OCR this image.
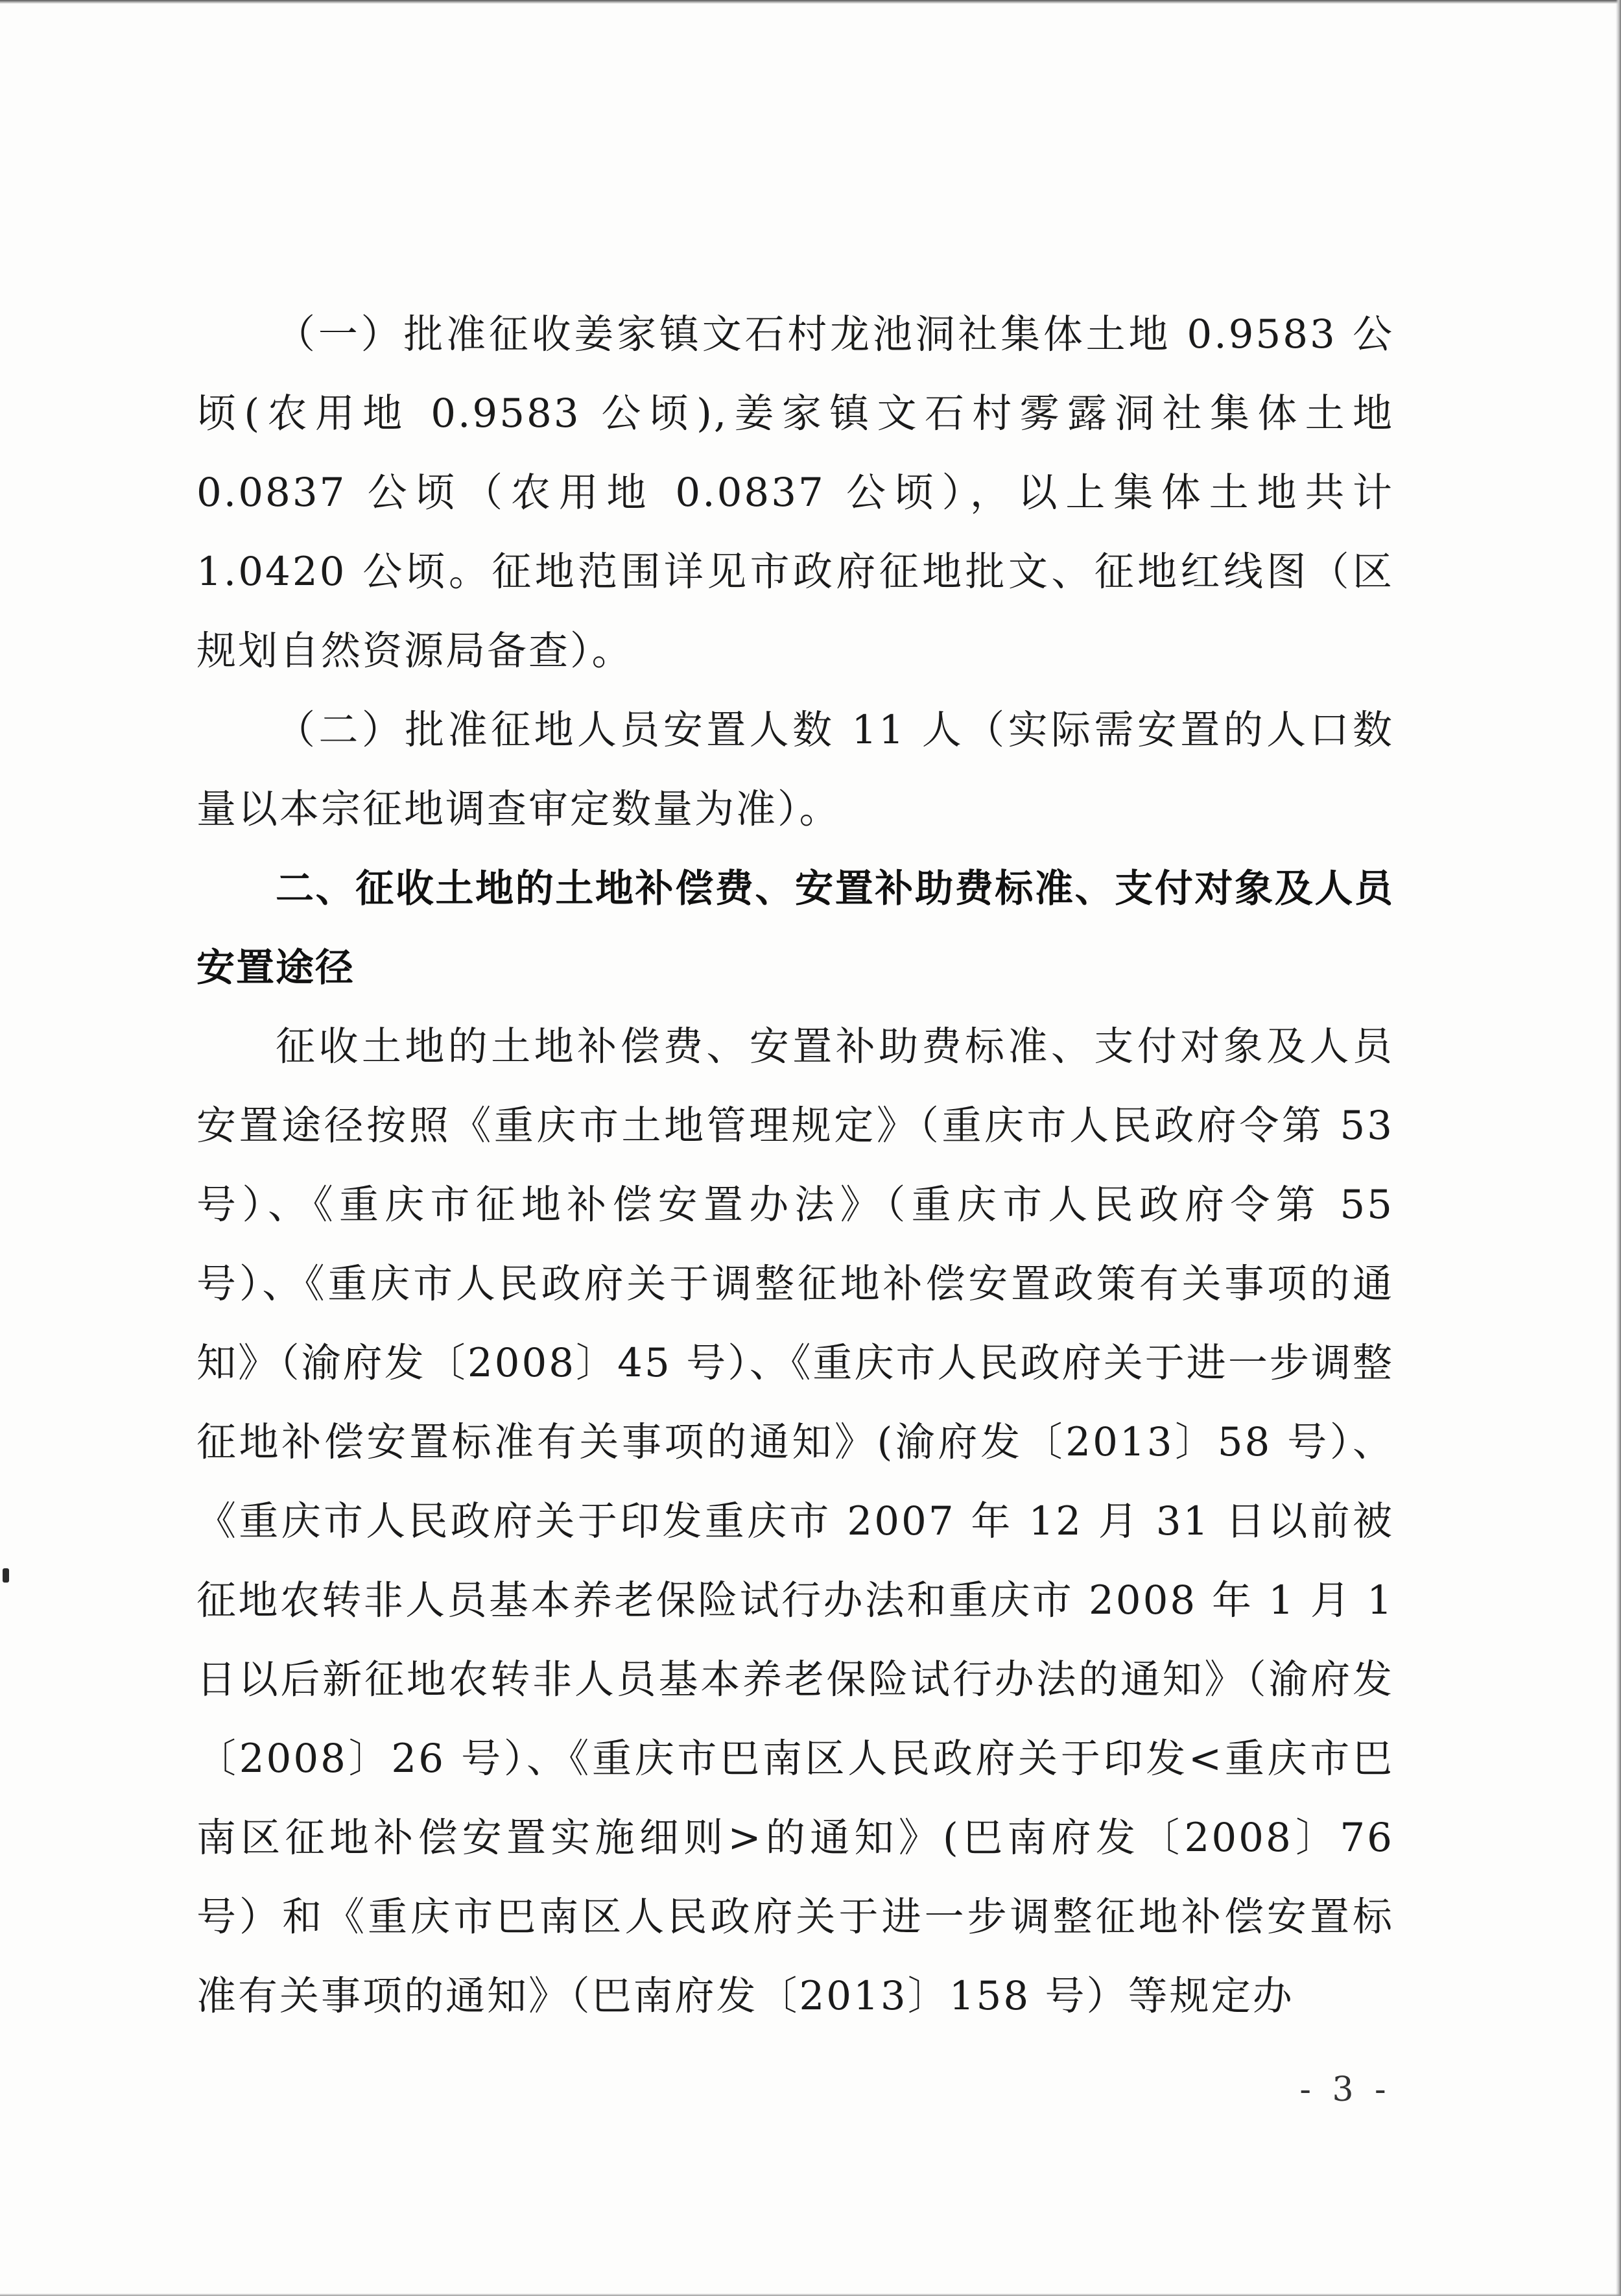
（一）批准征收姜家镇文石村龙池洞社集体土地 0.9583 公顷(农用地 0.9583 公顷),姜家镇文石村雾露洞社集体土地 0.0837 公顷（农用地 0.0837 公顷），以上集体土地共计 1.0420 公顷。征地范围详见市政府征地批文、征地红线图（区规划自然资源局备查）。

（二）批准征地人员安置人数 11 人（实际需安置的人口数量以本宗征地调查审定数量为准）。

二、征收土地的土地补偿费、安置补助费标准、支付对象及人员安置途径

征收土地的土地补偿费、安置补助费标准、支付对象及人员安置途径按照《重庆市土地管理规定》（重庆市人民政府令第 53 号）、《重庆市征地补偿安置办法》（重庆市人民政府令第 55 号）、《重庆市人民政府关于调整征地补偿安置政策有关事项的通知》（渝府发〔2008〕45 号）、《重庆市人民政府关于进一步调整征地补偿安置标准有关事项的通知》(渝府发〔2013〕58 号）、《重庆市人民政府关于印发重庆市 2007 年 12 月 31 日以前被征地农转非人员基本养老保险试行办法和重庆市 2008 年 1 月 1 日以后新征地农转非人员基本养老保险试行办法的通知》（渝府发〔2008〕26 号）、《重庆市巴南区人民政府关于印发<重庆市巴南区征地补偿安置实施细则>的通知》(巴南府发〔2008〕76 号）和《重庆市巴南区人民政府关于进一步调整征地补偿安置标准有关事项的通知》（巴南府发〔2013〕158 号）等规定办

- 3 -
